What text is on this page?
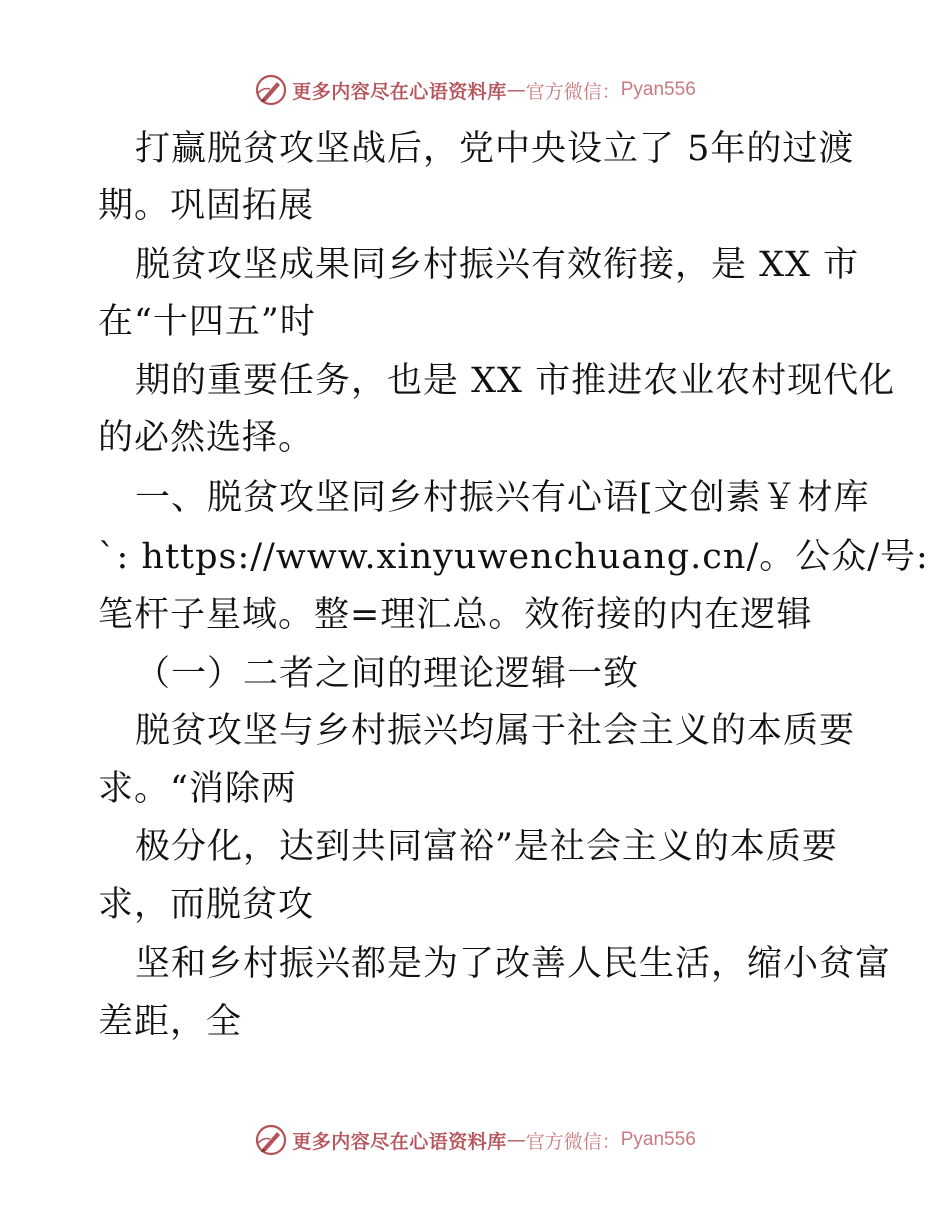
更多内容尽在心语资料库 — 官方微信： Pyan556
打赢脱贫攻坚战后，党中央设立了 5年的过渡
期。巩固拓展
脱贫攻坚成果同乡村振兴有效衔接，是 XX 市
在“十四五”时
期的重要任务，也是 XX 市推进农业农村现代化
的必然选择。
一、脱贫攻坚同乡村振兴有心语[文创素￥材库
`: https://www.xinyuwenchuang.cn/。公众/号:
笔杆子星域。整=理汇总。效衔接的内在逻辑
（一）二者之间的理论逻辑一致
脱贫攻坚与乡村振兴均属于社会主义的本质要
求。“消除两
极分化，达到共同富裕”是社会主义的本质要
求，而脱贫攻
坚和乡村振兴都是为了改善人民生活，缩小贫富
差距，全
更多内容尽在心语资料库 — 官方微信： Pyan556
